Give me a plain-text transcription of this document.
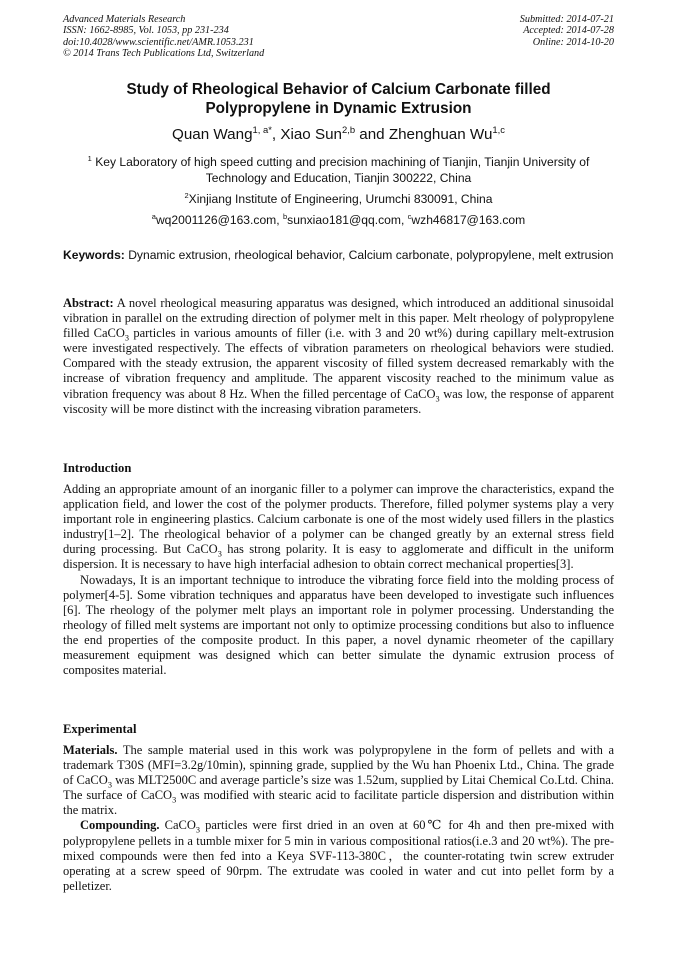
Advanced Materials Research
ISSN: 1662-8985, Vol. 1053, pp 231-234
doi:10.4028/www.scientific.net/AMR.1053.231
© 2014 Trans Tech Publications Ltd, Switzerland
Submitted: 2014-07-21
Accepted: 2014-07-28
Online: 2014-10-20
Study of Rheological Behavior of Calcium Carbonate filled
Polypropylene in Dynamic Extrusion
Quan Wang$^{1, a*}$, Xiao Sun$^{2,b}$ and Zhenghuan Wu$^{1,c}$
$^1$ Key Laboratory of high speed cutting and precision machining of Tianjin, Tianjin University of
Technology and Education, Tianjin 300222, China
$^2$Xinjiang Institute of Engineering, Urumchi 830091, China
$^a$wq2001126@163.com, $^b$sunxiao181@qq.com, $^c$wzh46817@163.com
Keywords: Dynamic extrusion, rheological behavior, Calcium carbonate, polypropylene, melt extrusion

Abstract: A novel rheological measuring apparatus was designed, which introduced an additional sinusoidal vibration in parallel on the extruding direction of polymer melt in this paper. Melt rheology of polypropylene filled CaCO$_3$ particles in various amounts of filler (i.e. with 3 and 20 wt%) during capillary melt-extrusion were investigated respectively. The effects of vibration parameters on rheological behaviors were studied. Compared with the steady extrusion, the apparent viscosity of filled system decreased remarkably with the increase of vibration frequency and amplitude. The apparent viscosity reached to the minimum value as vibration frequency was about 8 Hz. When the filled percentage of CaCO$_3$ was low, the response of apparent viscosity will be more distinct with the increasing vibration parameters.

Introduction

Adding an appropriate amount of an inorganic filler to a polymer can improve the characteristics, expand the application field, and lower the cost of the polymer products. Therefore, filled polymer systems play a very important role in engineering plastics. Calcium carbonate is one of the most widely used fillers in the plastics industry[1–2]. The rheological behavior of a polymer can be changed greatly by an external stress field during processing. But CaCO$_3$ has strong polarity. It is easy to agglomerate and difficult in the uniform dispersion. It is necessary to have high interfacial adhesion to obtain correct mechanical properties[3].

Nowadays, It is an important technique to introduce the vibrating force field into the molding process of polymer[4-5]. Some vibration techniques and apparatus have been developed to investigate such influences [6]. The rheology of the polymer melt plays an important role in polymer processing. Understanding the rheology of filled melt systems are important not only to optimize processing conditions but also to influence the end properties of the composite product. In this paper, a novel dynamic rheometer of the capillary measurement equipment was designed which can better simulate the dynamic extrusion process of composites material.

Experimental

Materials. The sample material used in this work was polypropylene in the form of pellets and with a trademark T30S (MFI=3.2g/10min), spinning grade, supplied by the Wu han Phoenix Ltd., China. The grade of CaCO$_3$ was MLT2500C and average particle’s size was 1.52um, supplied by Litai Chemical Co.Ltd. China. The surface of CaCO$_3$ was modified with stearic acid to facilitate particle dispersion and distribution within the matrix.

Compounding. CaCO$_3$ particles were first dried in an oven at 60℃ for 4h and then pre-mixed with polypropylene pellets in a tumble mixer for 5 min in various compositional ratios(i.e.3 and 20 wt%). The pre-mixed compounds were then fed into a Keya SVF-113-380C，the counter-rotating twin screw extruder operating at a screw speed of 90rpm. The extrudate was cooled in water and cut into pellet form by a pelletizer.
